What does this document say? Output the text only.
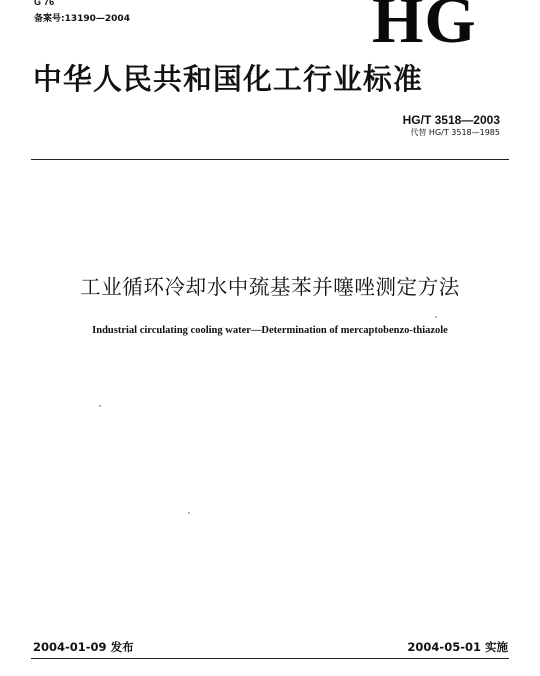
G 76
备案号:13190—2004	HG
中华人民共和国化工行业标准
HG/T 3518—2003
代替 HG/T 3518—1985
工业循环冷却水中巯基苯并噻唑测定方法
Industrial circulating cooling water—Determination of mercaptobenzo-thiazole
2004-01-09 发布	2004-05-01 实施
